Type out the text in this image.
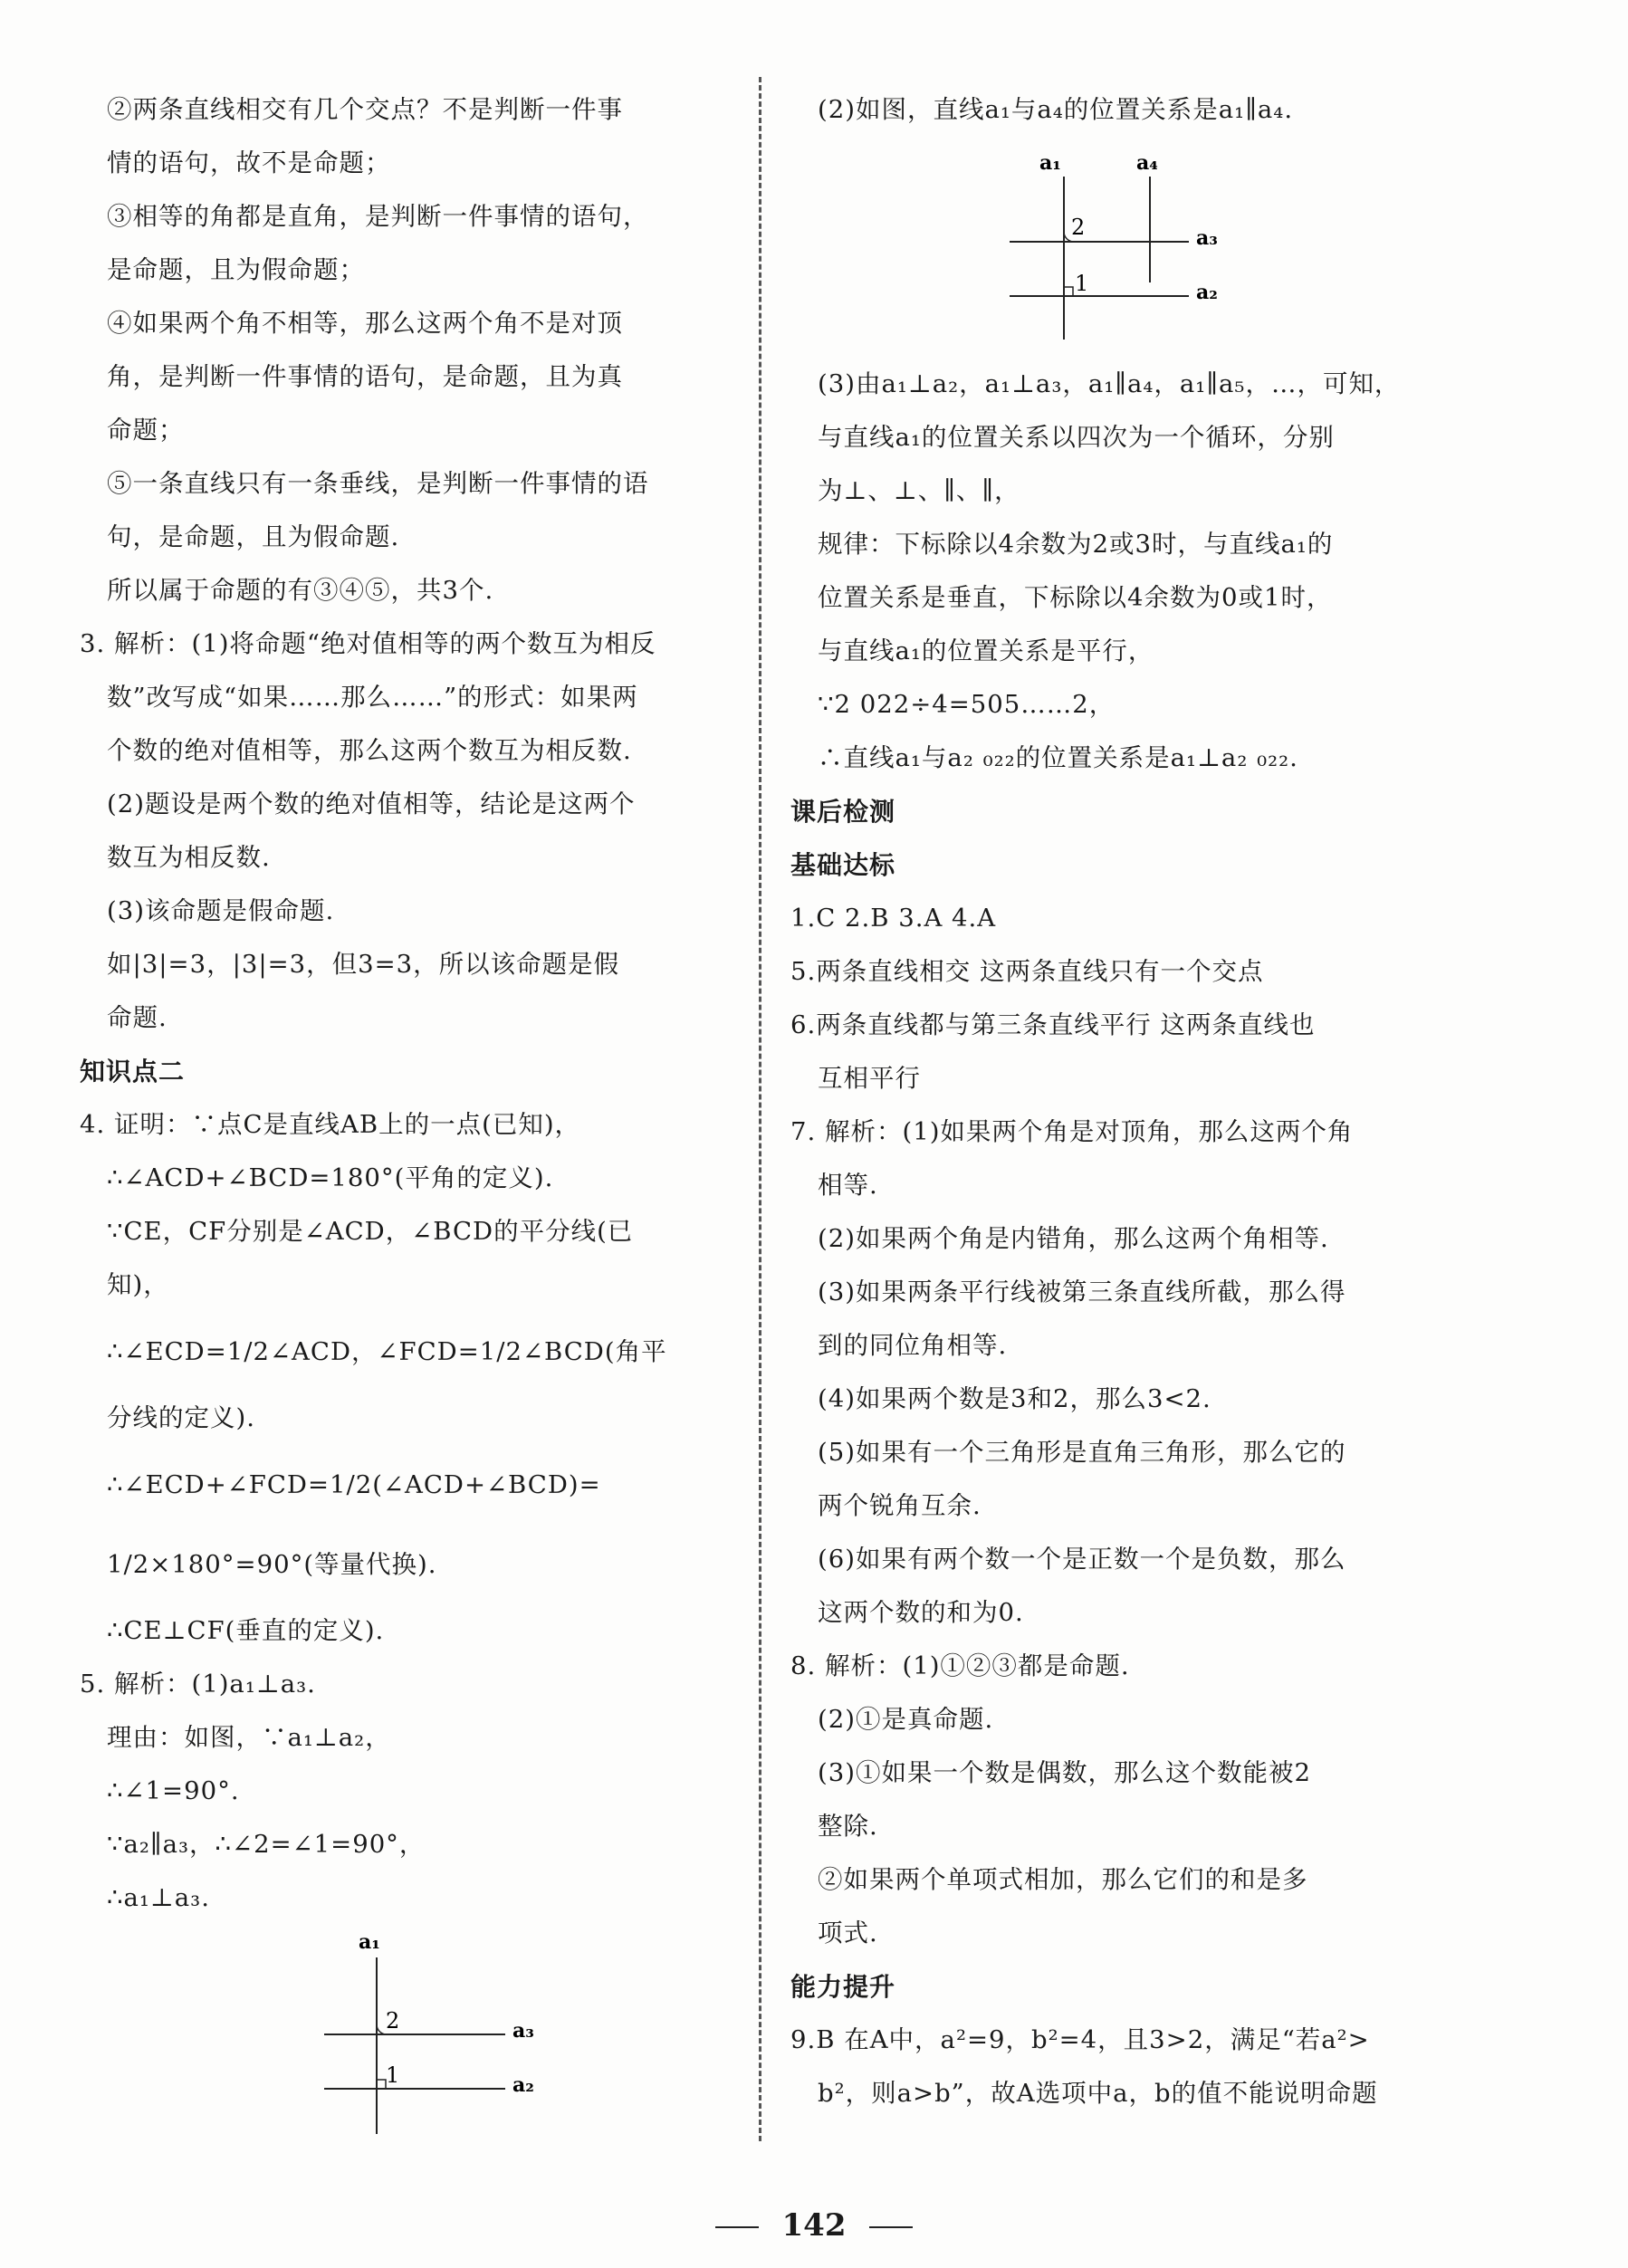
②两条直线相交有几个交点？不是判断一件事
情的语句，故不是命题；
③相等的角都是直角，是判断一件事情的语句，
是命题，且为假命题；
④如果两个角不相等，那么这两个角不是对顶
角，是判断一件事情的语句，是命题，且为真
命题；
⑤一条直线只有一条垂线，是判断一件事情的语
句，是命题，且为假命题.
所以属于命题的有③④⑤，共3个.
3. 解析：(1)将命题“绝对值相等的两个数互为相反
数”改写成“如果……那么……”的形式：如果两
个数的绝对值相等，那么这两个数互为相反数.
(2)题设是两个数的绝对值相等，结论是这两个
数互为相反数.
(3)该命题是假命题.
如|3|=3，|3|=3，但3=3，所以该命题是假
命题.
知识点二
4. 证明：∵点C是直线AB上的一点(已知)，
∴∠ACD+∠BCD=180°(平角的定义).
∵CE，CF分别是∠ACD，∠BCD的平分线(已
知)，
∴∠ECD=1/2∠ACD，∠FCD=1/2∠BCD(角平
分线的定义).
∴∠ECD+∠FCD=1/2(∠ACD+∠BCD)=
1/2×180°=90°(等量代换).
∴CE⊥CF(垂直的定义).
5. 解析：(1)a₁⊥a₃.
理由：如图，∵a₁⊥a₂，
∴∠1=90°.
∵a₂∥a₃，∴∠2=∠1=90°，
∴a₁⊥a₃.
a₁
2
1
a₃
a₂
(2)如图，直线a₁与a₄的位置关系是a₁∥a₄.
a₁	a₄
2
1
a₃
a₂
(3)由a₁⊥a₂，a₁⊥a₃，a₁∥a₄，a₁∥a₅，…，可知，
与直线a₁的位置关系以四次为一个循环，分别
为⊥、⊥、∥、∥，
规律：下标除以4余数为2或3时，与直线a₁的
位置关系是垂直，下标除以4余数为0或1时，
与直线a₁的位置关系是平行，
∵2 022÷4=505……2，
∴直线a₁与a₂ ₀₂₂的位置关系是a₁⊥a₂ ₀₂₂.
课后检测
基础达标
1.C 2.B 3.A 4.A
5.两条直线相交 这两条直线只有一个交点
6.两条直线都与第三条直线平行 这两条直线也
互相平行
7. 解析：(1)如果两个角是对顶角，那么这两个角
相等.
(2)如果两个角是内错角，那么这两个角相等.
(3)如果两条平行线被第三条直线所截，那么得
到的同位角相等.
(4)如果两个数是3和2，那么3<2.
(5)如果有一个三角形是直角三角形，那么它的
两个锐角互余.
(6)如果有两个数一个是正数一个是负数，那么
这两个数的和为0.
8. 解析：(1)①②③都是命题.
(2)①是真命题.
(3)①如果一个数是偶数，那么这个数能被2
整除.
②如果两个单项式相加，那么它们的和是多
项式.
能力提升
9.B 在A中，a²=9，b²=4，且3>2，满足“若a²>
b²，则a>b”，故A选项中a，b的值不能说明命题
142
